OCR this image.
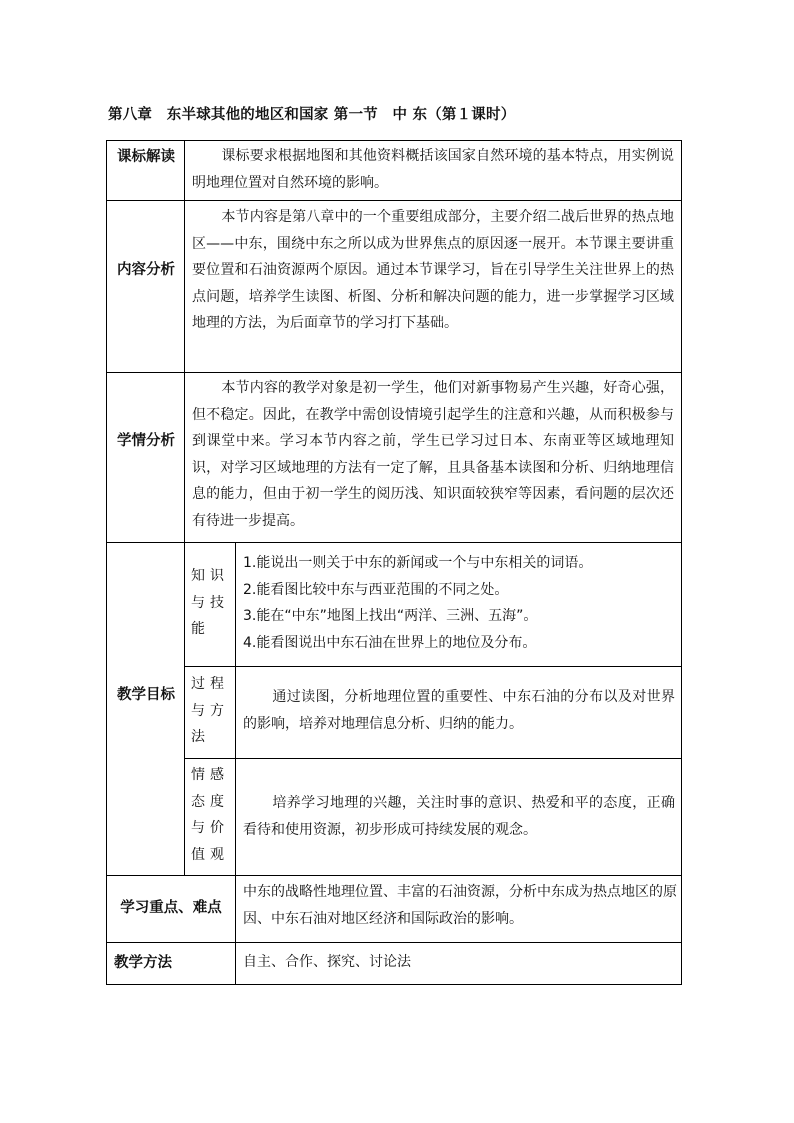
第八章　东半球其他的地区和国家 第一节　中 东（第１课时）
课标解读	课标要求根据地图和其他资料概括该国家自然环境的基本特点，用实例说明地理位置对自然环境的影响。
内容分析
本节内容是第八章中的一个重要组成部分，主要介绍二战后世界的热点地区——中东，围绕中东之所以成为世界焦点的原因逐一展开。本节课主要讲重要位置和石油资源两个原因。通过本节课学习，旨在引导学生关注世界上的热点问题，培养学生读图、析图、分析和解决问题的能力，进一步掌握学习区域地理的方法，为后面章节的学习打下基础。
学情分析
本节内容的教学对象是初一学生，他们对新事物易产生兴趣，好奇心强，但不稳定。因此，在教学中需创设情境引起学生的注意和兴趣，从而积极参与到课堂中来。学习本节内容之前，学生已学习过日本、东南亚等区域地理知识，对学习区域地理的方法有一定了解，且具备基本读图和分析、归纳地理信息的能力，但由于初一学生的阅历浅、知识面较狭窄等因素，看问题的层次还有待进一步提高。
教学目标
知识与技能
1.能说出一则关于中东的新闻或一个与中东相关的词语。
2.能看图比较中东与西亚范围的不同之处。
3.能在“中东”地图上找出“两洋、三洲、五海”。
4.能看图说出中东石油在世界上的地位及分布。
过程与方法
通过读图，分析地理位置的重要性、中东石油的分布以及对世界的影响，培养对地理信息分析、归纳的能力。
情感态度与价值观
培养学习地理的兴趣，关注时事的意识、热爱和平的态度，正确看待和使用资源，初步形成可持续发展的观念。
学习重点、难点
中东的战略性地理位置、丰富的石油资源，分析中东成为热点地区的原因、中东石油对地区经济和国际政治的影响。
教学方法	自主、合作、探究、讨论法
